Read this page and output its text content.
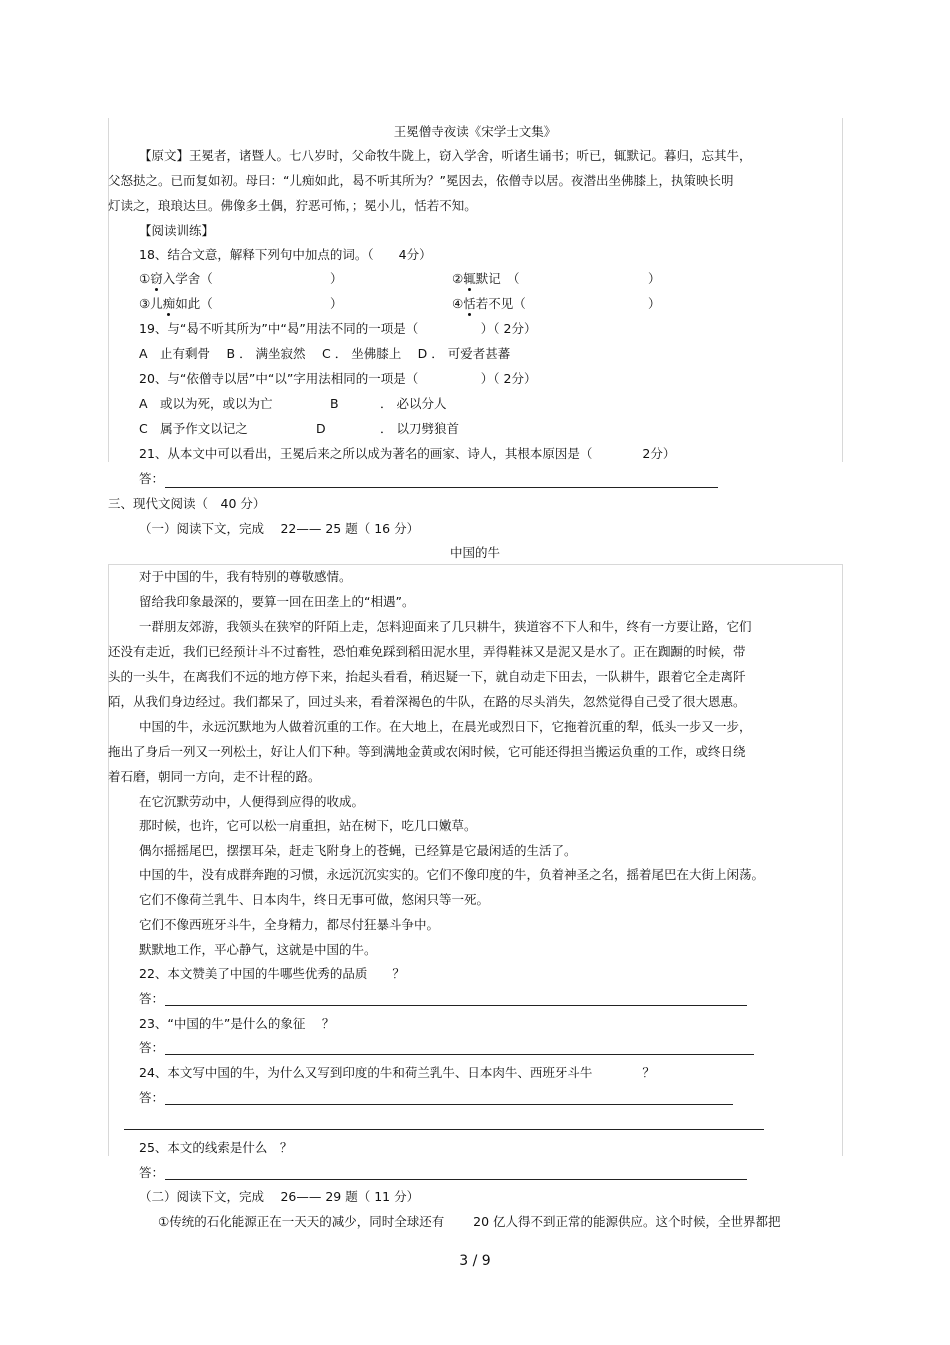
王冕僧寺夜读《宋学士文集》
【原文】王冕者，诸暨人。七八岁时，父命牧牛陇上，窃入学舍，听诸生诵书；听已，辄默记。暮归，忘其牛，
父怒挞之。已而复如初。母曰：“儿痴如此，曷不听其所为？”冕因去，依僧寺以居。夜潜出坐佛膝上，执策映长明
灯读之，琅琅达旦。佛像多土偶，狞恶可怖，；冕小儿，恬若不知。
【阅读训练】
18、结合文意，解释下列句中加点的词。（　　4分）
①窃入学舍（	）	②辄默记　（	）
③儿痴如此（	）	④恬若不见（	）
19、与“曷不听其所为”中“曷”用法不同的一项是（　　　　　）（ 2分）
A　止有剩骨　 B ． 满坐寂然　 C ． 坐佛膝上　 D ． 可爱者甚蕃
20、与“依僧寺以居”中“以”字用法相同的一项是（　　　　　）（ 2分）
A　或以为死，或以为亡	B	． 必以分人
C　属予作文以记之	D	． 以刀劈狼首
21、从本文中可以看出，王冕后来之所以成为著名的画家、诗人，其根本原因是（　　　　2分）
答：
三、现代文阅读（　40 分）
（一）阅读下文，完成　 22—— 25 题（ 16 分）
中国的牛
对于中国的牛，我有特别的尊敬感情。
留给我印象最深的，要算一回在田垄上的“相遇”。
一群朋友郊游，我领头在狭窄的阡陌上走，怎料迎面来了几只耕牛，狭道容不下人和牛，终有一方要让路，它们
还没有走近，我们已经预计斗不过畜牲，恐怕难免踩到稻田泥水里，弄得鞋袜又是泥又是水了。正在踟蹰的时候，带
头的一头牛，在离我们不远的地方停下来，抬起头看看，稍迟疑一下，就自动走下田去，一队耕牛，跟着它全走离阡
陌，从我们身边经过。我们都呆了，回过头来，看着深褐色的牛队，在路的尽头消失，忽然觉得自己受了很大恩惠。
中国的牛，永远沉默地为人做着沉重的工作。在大地上，在晨光或烈日下，它拖着沉重的犁，低头一步又一步，
拖出了身后一列又一列松土，好让人们下种。等到满地金黄或农闲时候，它可能还得担当搬运负重的工作，或终日绕
着石磨，朝同一方向，走不计程的路。
在它沉默劳动中，人便得到应得的收成。
那时候，也许，它可以松一肩重担，站在树下，吃几口嫩草。
偶尔摇摇尾巴，摆摆耳朵，赶走飞附身上的苍蝇，已经算是它最闲适的生活了。
中国的牛，没有成群奔跑的习惯，永远沉沉实实的。它们不像印度的牛，负着神圣之名，摇着尾巴在大街上闲荡。
它们不像荷兰乳牛、日本肉牛，终日无事可做，悠闲只等一死。
它们不像西班牙斗牛，全身精力，都尽付狂暴斗争中。
默默地工作，平心静气，这就是中国的牛。
22、本文赞美了中国的牛哪些优秀的品质　　？
答：
23、“中国的牛”是什么的象征　 ？
答：
24、本文写中国的牛，为什么又写到印度的牛和荷兰乳牛、日本肉牛、西班牙斗牛　　　　？
答：
25、本文的线索是什么　？
答：
（二）阅读下文，完成　 26—— 29 题（ 11 分）
①传统的石化能源正在一天天的减少，同时全球还有　　 20 亿人得不到正常的能源供应。这个时候，全世界都把
3 / 9
